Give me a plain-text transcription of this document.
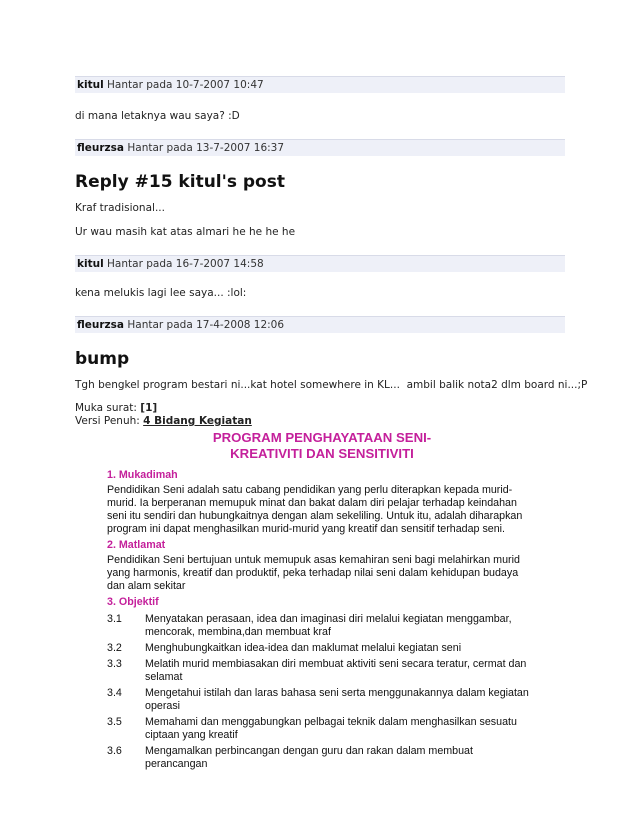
kitul Hantar pada 10-7-2007 10:47

di mana letaknya wau saya? :D

fleurzsa Hantar pada 13-7-2007 16:37
Reply #15 kitul's post

Kraf tradisional...

Ur wau masih kat atas almari he he he he

kitul Hantar pada 16-7-2007 14:58

kena melukis lagi lee saya... :lol:

fleurzsa Hantar pada 17-4-2008 12:06
bump

Tgh bengkel program bestari ni...kat hotel somewhere in KL...  ambil balik nota2 dlm board ni...;P

Muka surat: [1]
Versi Penuh: 4 Bidang Kegiatan
PROGRAM PENGHAYATAAN SENI-
KREATIVITI DAN SENSITIVITI
1. Mukadimah
Pendidikan Seni adalah satu cabang pendidikan yang perlu diterapkan kepada murid-murid. Ia berperanan memupuk minat dan bakat dalam diri pelajar terhadap keindahan seni itu sendiri dan hubungkaitnya dengan alam sekeliling. Untuk itu, adalah diharapkan program ini dapat menghasilkan murid-murid yang kreatif dan sensitif terhadap seni.
2. Matlamat
Pendidikan Seni bertujuan untuk memupuk asas kemahiran seni bagi melahirkan murid yang harmonis, kreatif dan produktif, peka terhadap nilai seni dalam kehidupan budaya dan alam sekitar
3. Objektif
3.1	Menyatakan perasaan, idea dan imaginasi diri melalui kegiatan menggambar, mencorak, membina,dan membuat kraf
3.2	Menghubungkaitkan idea-idea dan maklumat melalui kegiatan seni
3.3	Melatih murid membiasakan diri membuat aktiviti seni secara teratur, cermat dan selamat
3.4	Mengetahui istilah dan laras bahasa seni serta menggunakannya dalam kegiatan operasi
3.5	Memahami dan menggabungkan pelbagai teknik dalam menghasilkan sesuatu ciptaan yang kreatif
3.6	Mengamalkan perbincangan dengan guru dan rakan dalam membuat perancangan
